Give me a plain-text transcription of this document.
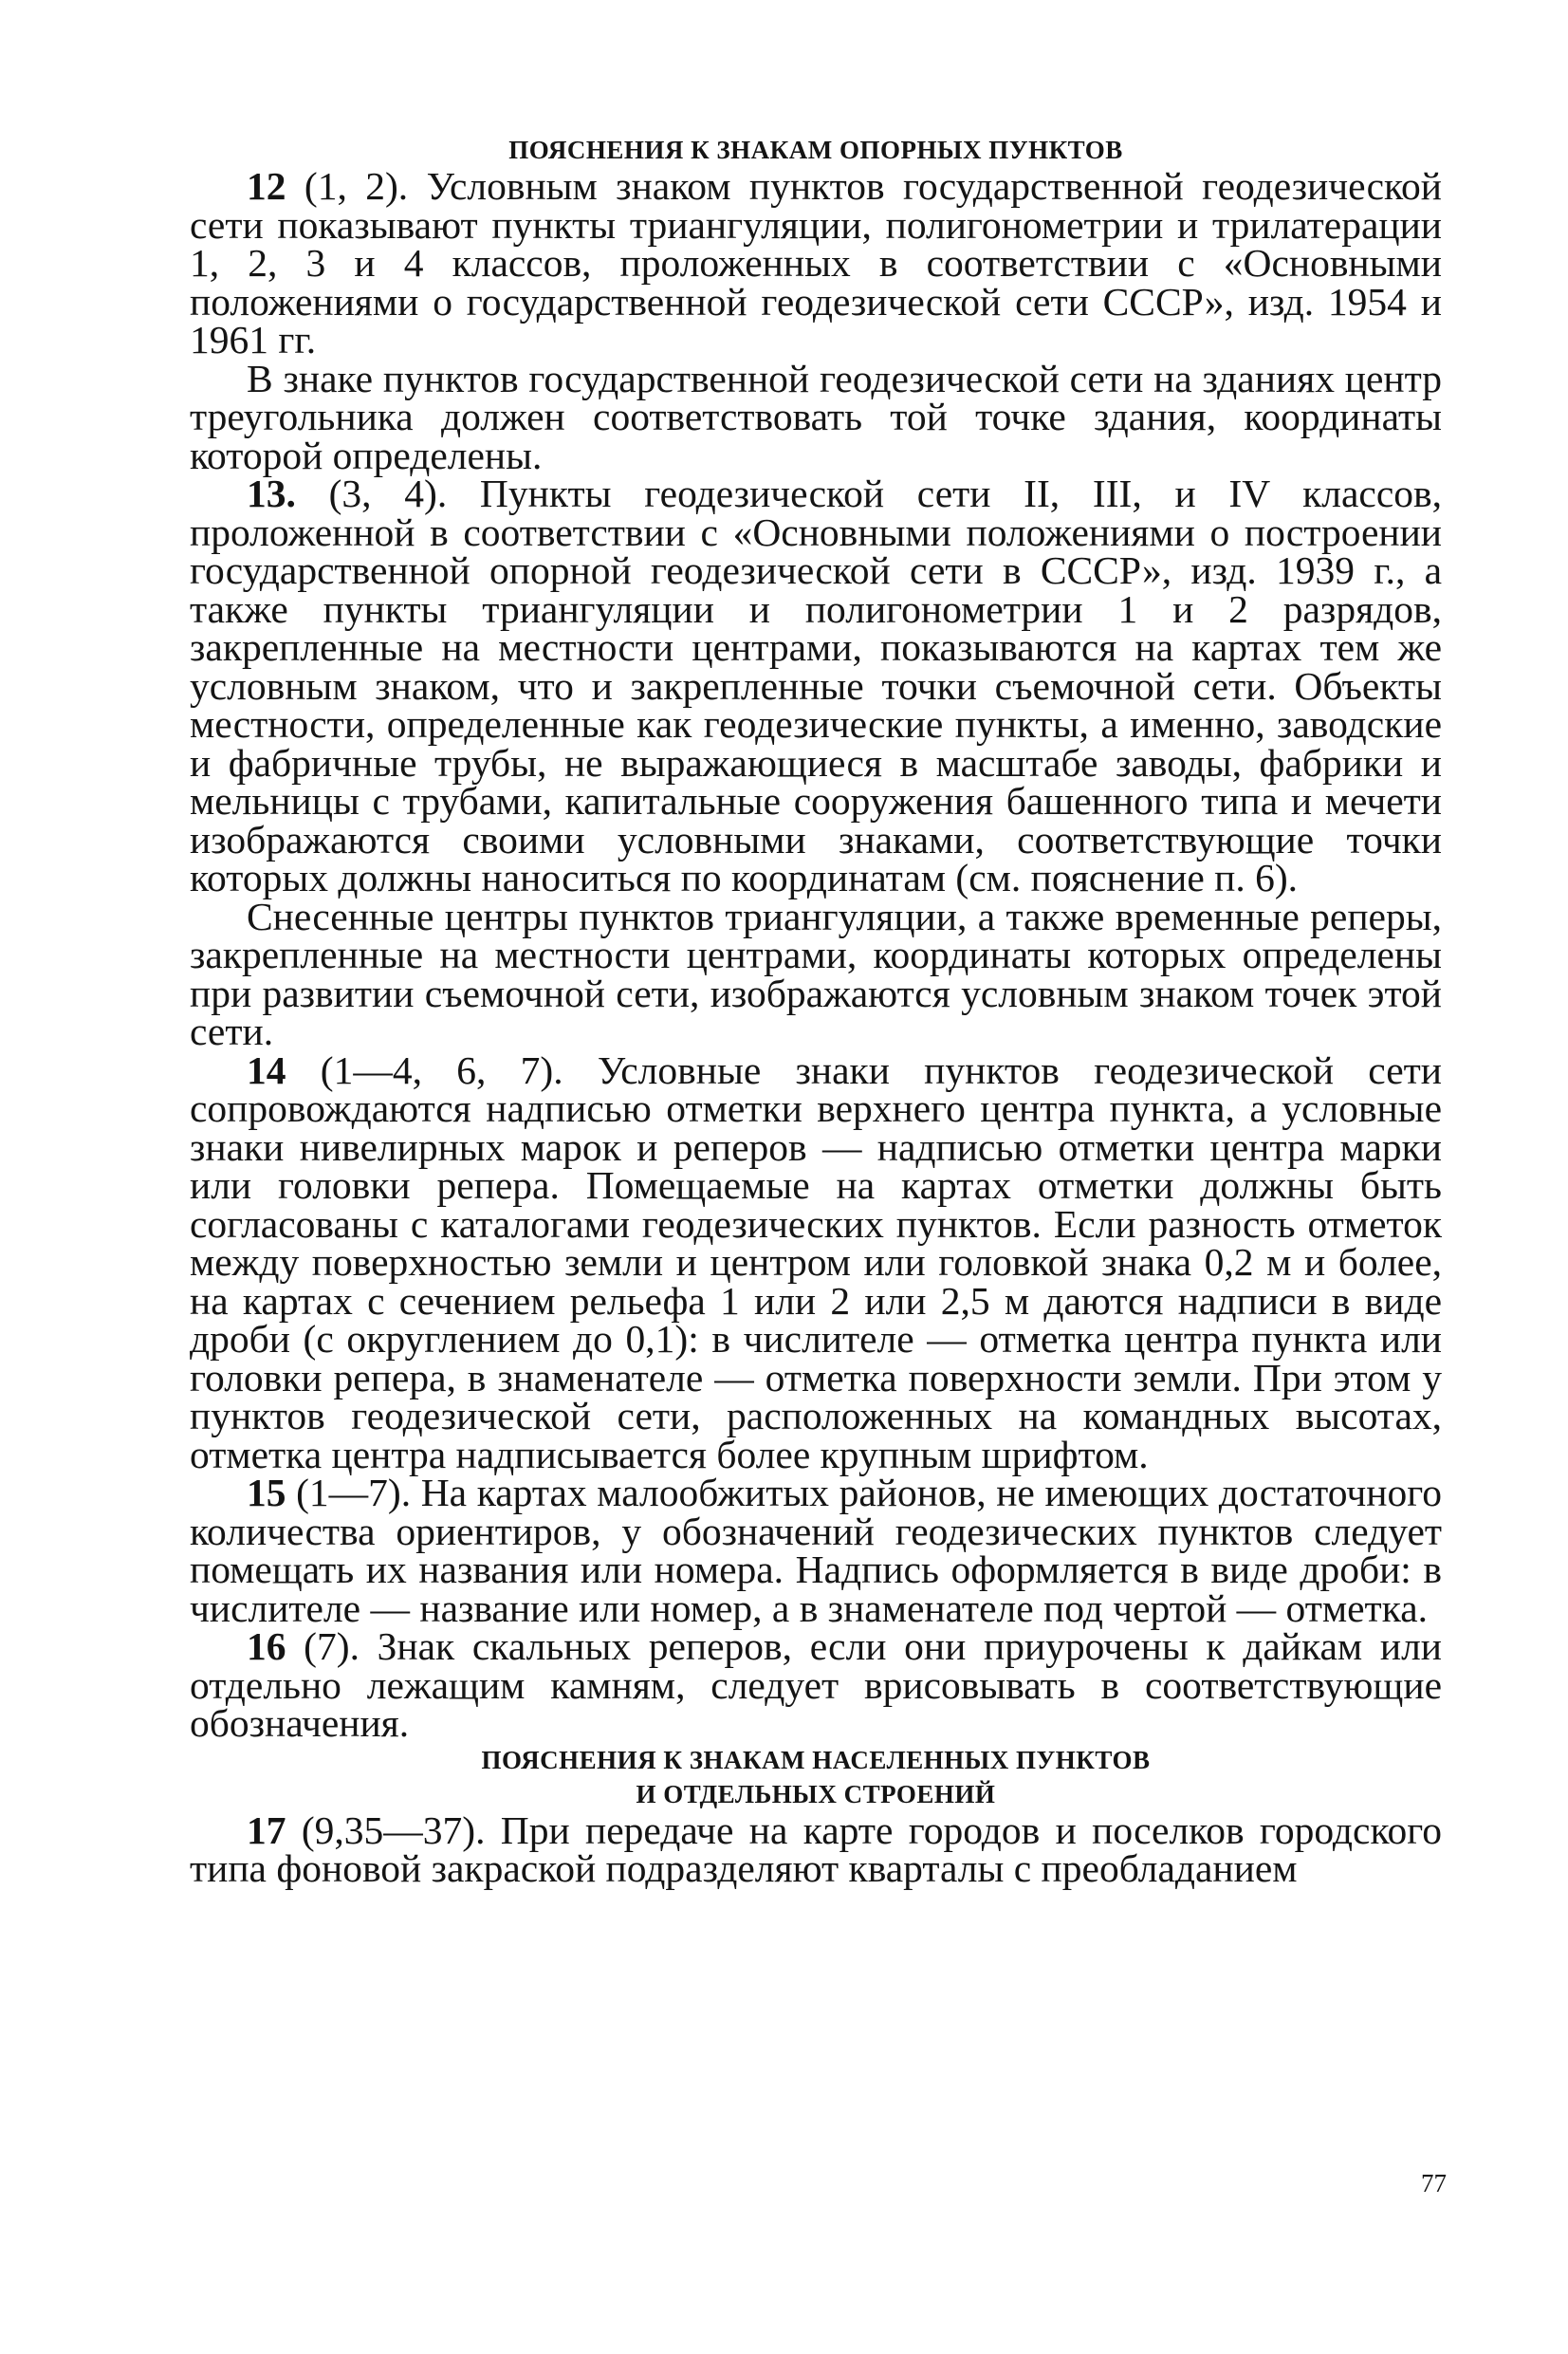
ПОЯСНЕНИЯ К ЗНАКАМ ОПОРНЫХ ПУНКТОВ

12 (1, 2). Условным знаком пунктов государственной геодезической сети показывают пункты триангуляции, полигонометрии и трилатерации 1, 2, 3 и 4 классов, проложенных в соответствии с «Основными положениями о государственной геодезической сети СССР», изд. 1954 и 1961 гг.

В знаке пунктов государственной геодезической сети на зданиях центр треугольника должен соответствовать той точке здания, координаты которой определены.

13. (3, 4). Пункты геодезической сети II, III, и IV классов, проложенной в соответствии с «Основными положениями о построении государственной опорной геодезической сети в СССР», изд. 1939 г., а также пункты триангуляции и полигонометрии 1 и 2 разрядов, закрепленные на местности центрами, показываются на картах тем же условным знаком, что и закрепленные точки съемочной сети. Объекты местности, определенные как геодезические пункты, а именно, заводские и фабричные трубы, не выражающиеся в масштабе заводы, фабрики и мельницы с трубами, капитальные сооружения башенного типа и мечети изображаются своими условными знаками, соответствующие точки которых должны наноситься по координатам (см. пояснение п. 6).

Снесенные центры пунктов триангуляции, а также временные реперы, закрепленные на местности центрами, координаты которых определены при развитии съемочной сети, изображаются условным знаком точек этой сети.

14 (1—4, 6, 7). Условные знаки пунктов геодезической сети сопровождаются надписью отметки верхнего центра пункта, а условные знаки нивелирных марок и реперов — надписью отметки центра марки или головки репера. Помещаемые на картах отметки должны быть согласованы с каталогами геодезических пунктов. Если разность отметок между поверхностью земли и центром или головкой знака 0,2 м и более, на картах с сечением рельефа 1 или 2 или 2,5 м даются надписи в виде дроби (с округлением до 0,1): в числителе — отметка центра пункта или головки репера, в знаменателе — отметка поверхности земли. При этом у пунктов геодезической сети, расположенных на командных высотах, отметка центра надписывается более крупным шрифтом.

15 (1—7). На картах малообжитых районов, не имеющих достаточного количества ориентиров, у обозначений геодезических пунктов следует помещать их названия или номера. Надпись оформляется в виде дроби: в числителе — название или номер, а в знаменателе под чертой — отметка.

16 (7). Знак скальных реперов, если они приурочены к дайкам или отдельно лежащим камням, следует врисовывать в соответствующие обозначения.

ПОЯСНЕНИЯ К ЗНАКАМ НАСЕЛЕННЫХ ПУНКТОВ
И ОТДЕЛЬНЫХ СТРОЕНИЙ

17 (9,35—37). При передаче на карте городов и поселков городского типа фоновой закраской подразделяют кварталы с преобладанием

77
